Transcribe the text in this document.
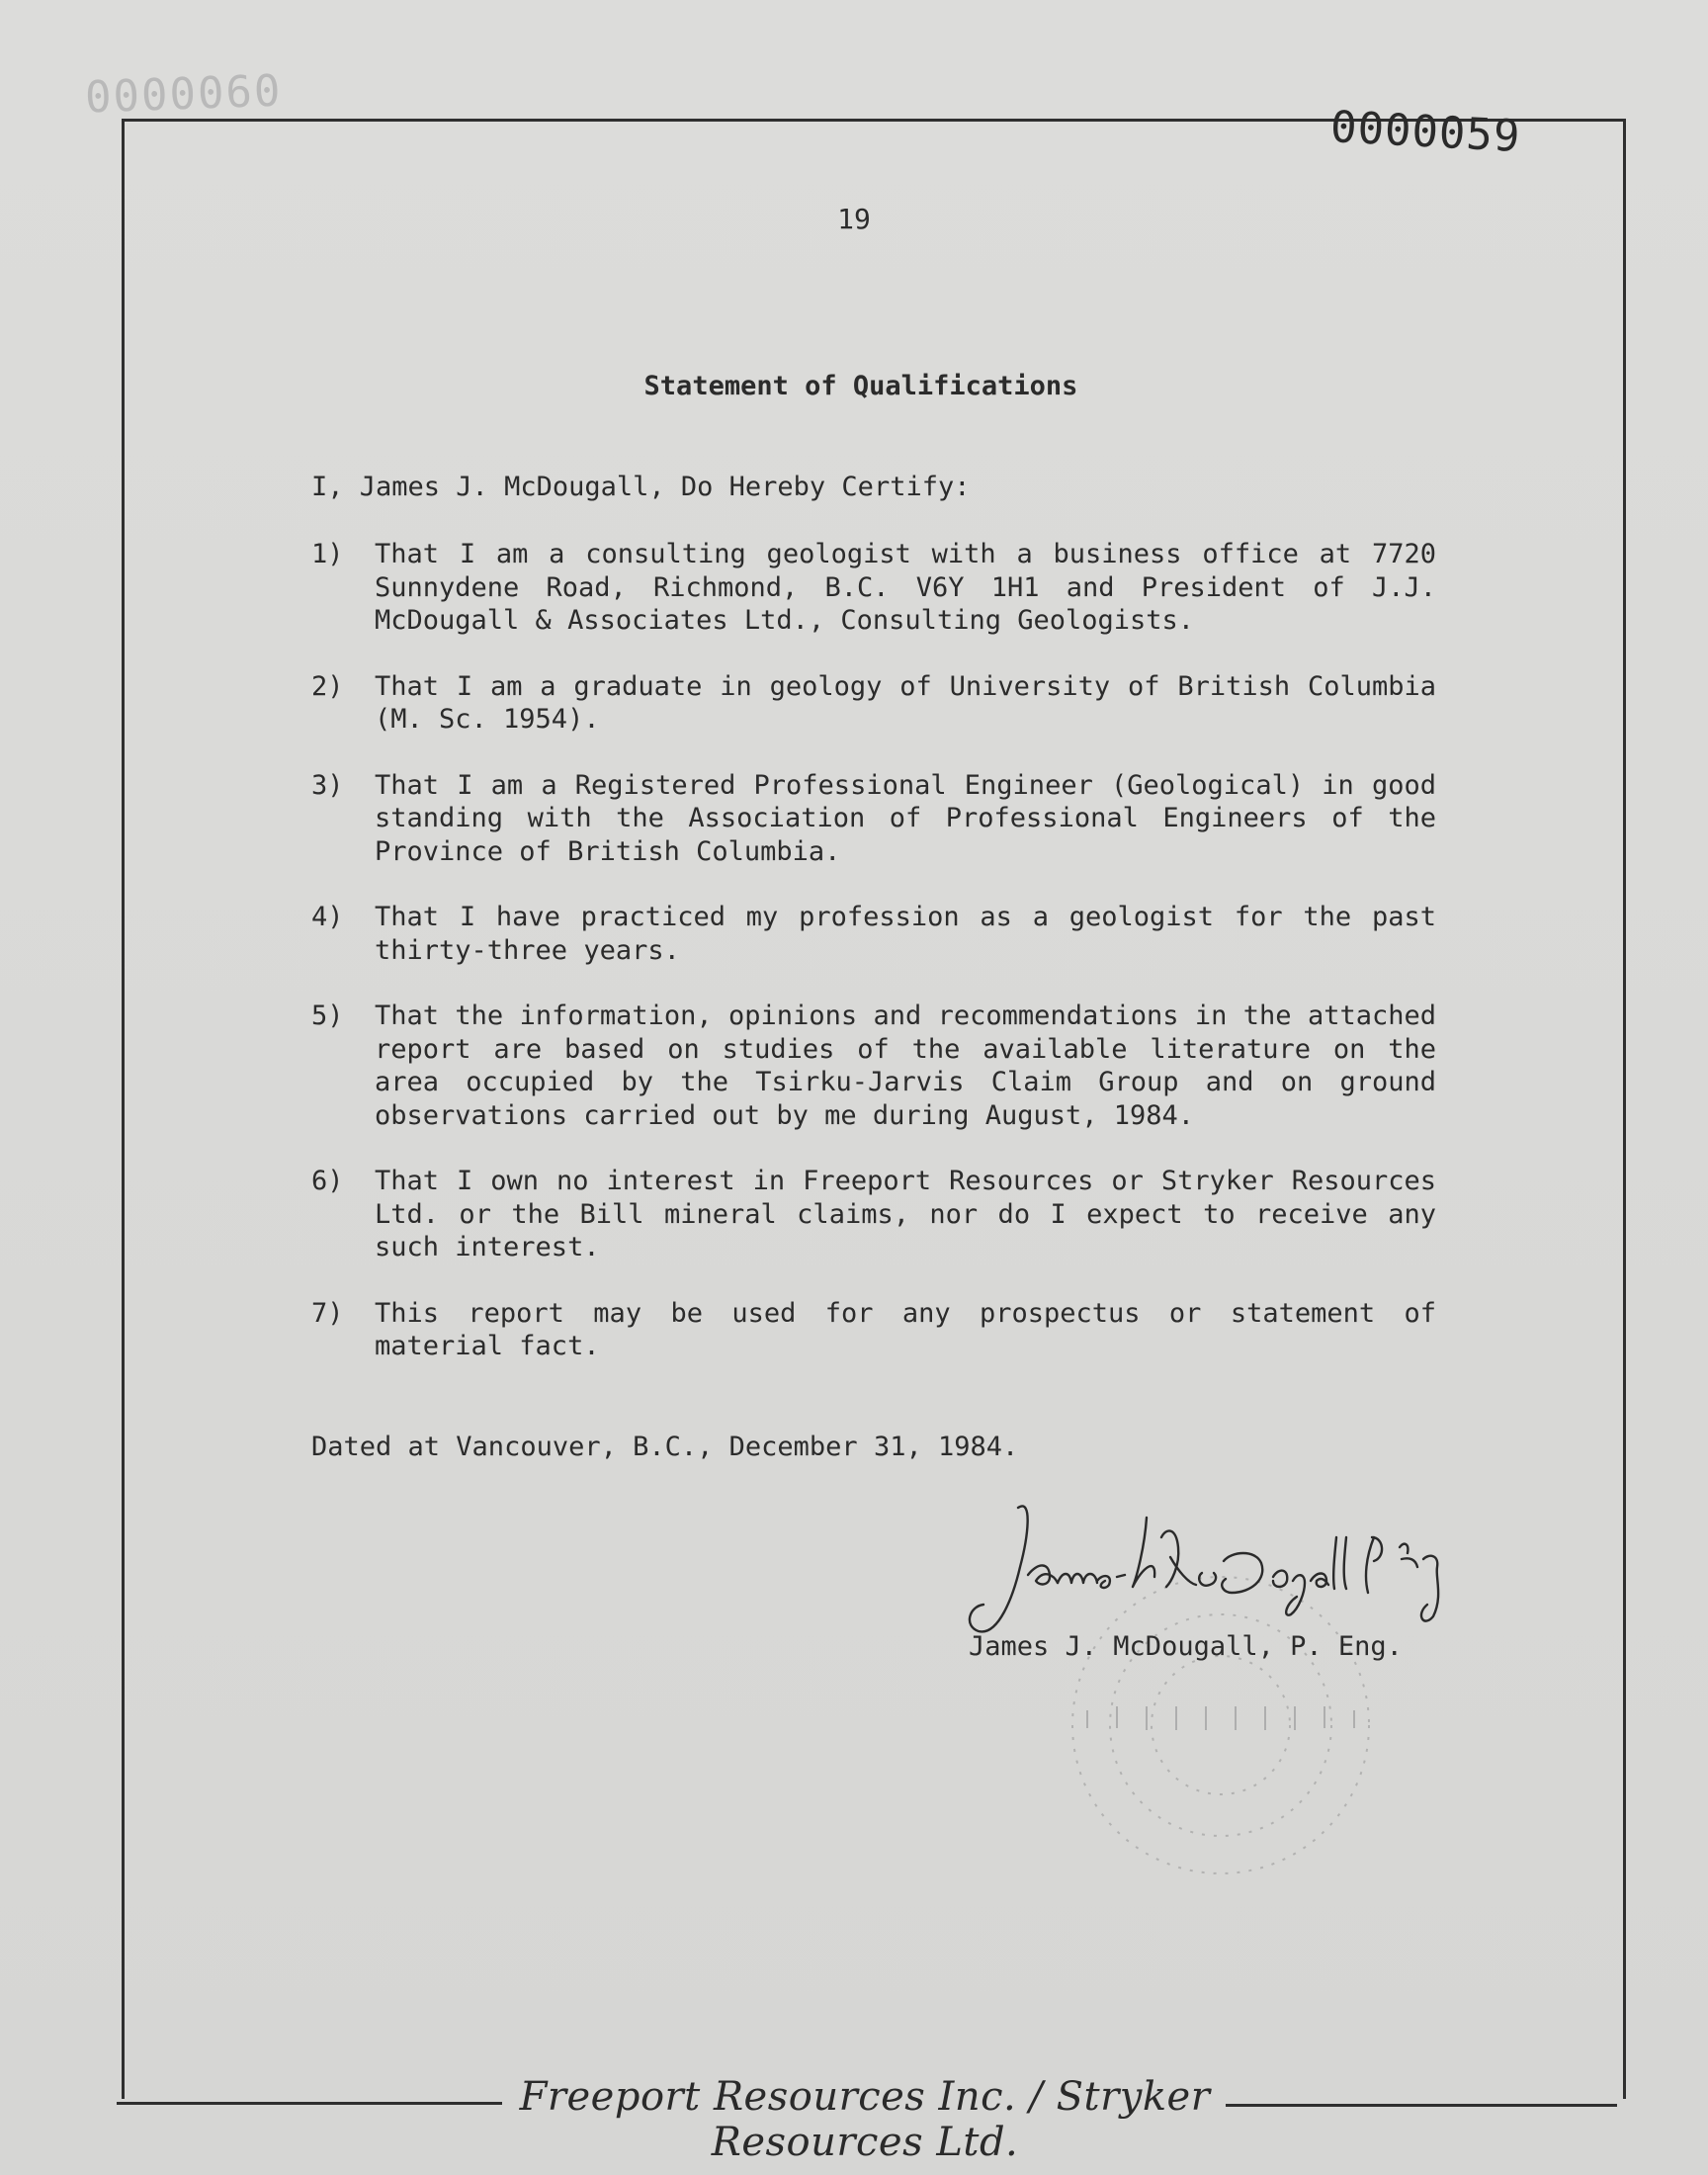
0000060
0000059
19
Statement of Qualifications
I, James J. McDougall, Do Hereby Certify:
1)	That I am a consulting geologist with a business office at 7720 Sunnydene Road, Richmond, B.C. V6Y 1H1 and President of J.J. McDougall & Associates Ltd., Consulting Geologists.
2)	That I am a graduate in geology of University of British Columbia (M. Sc. 1954).
3)	That I am a Registered Professional Engineer (Geological) in good standing with the Association of Professional Engineers of the Province of British Columbia.
4)	That I have practiced my profession as a geologist for the past thirty-three years.
5)	That the information, opinions and recommendations in the attached report are based on studies of the available literature on the area occupied by the Tsirku-Jarvis Claim Group and on ground observations carried out by me during August, 1984.
6)	That I own no interest in Freeport Resources or Stryker Resources Ltd. or the Bill mineral claims, nor do I expect to receive any such interest.
7)	This report may be used for any prospectus or statement of material fact.
Dated at Vancouver, B.C., December 31, 1984.
James J. McDougall, P. Eng.
Freeport Resources Inc. / Stryker Resources Ltd.
